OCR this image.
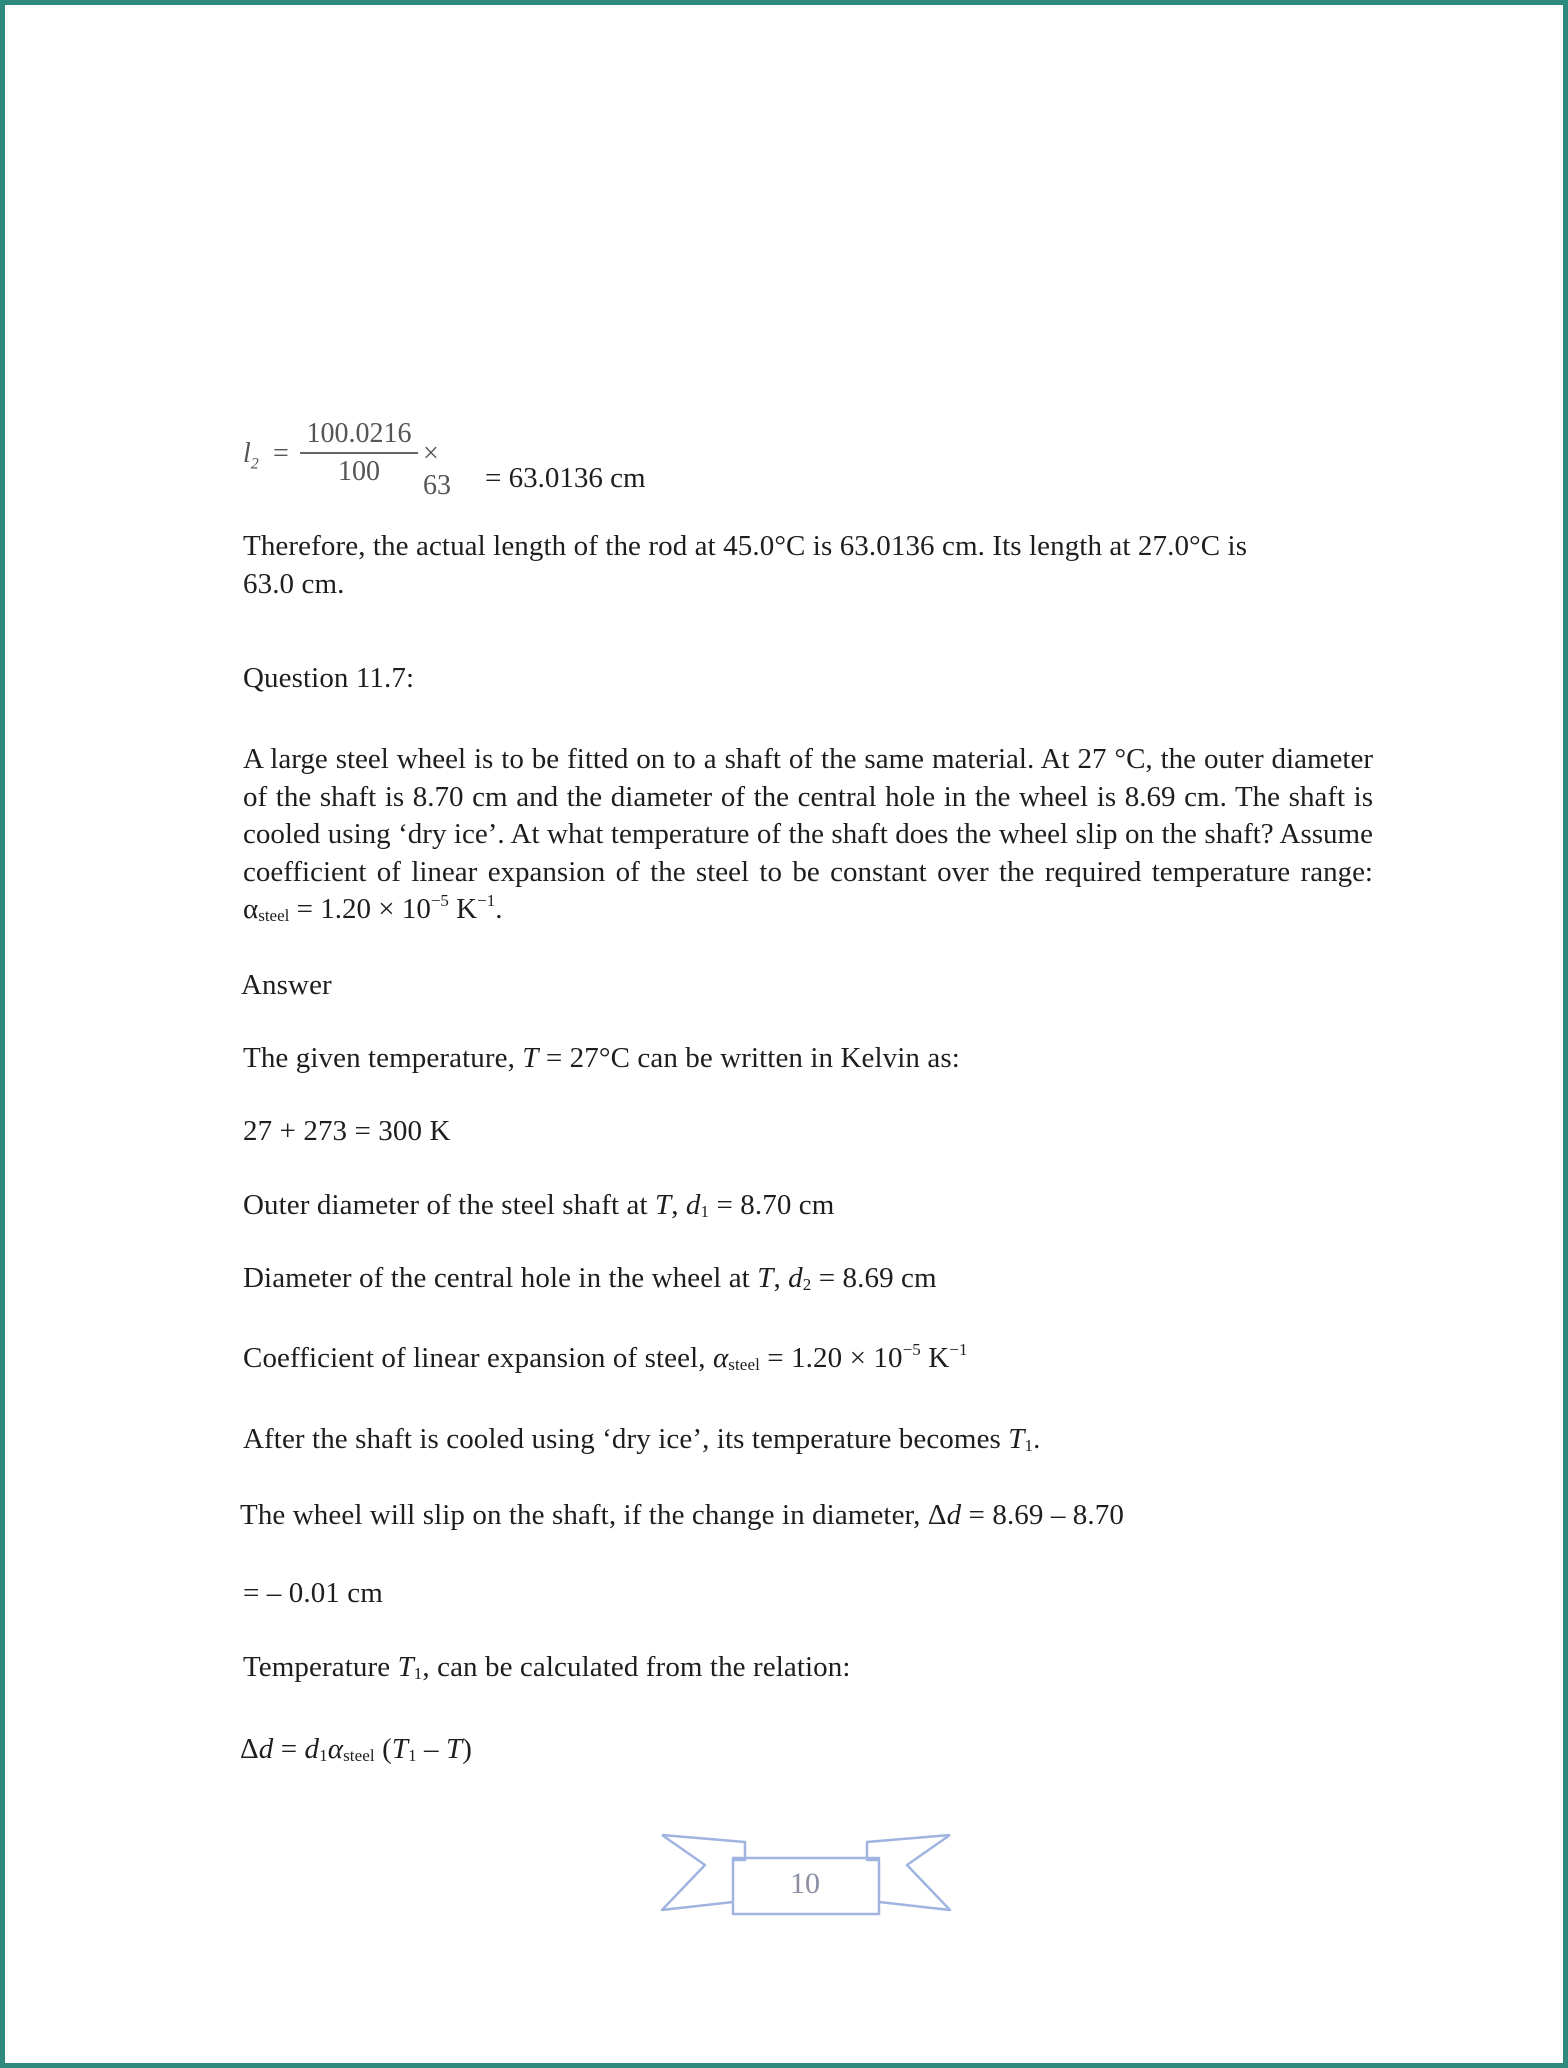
$l_2$ =
100.0216
100
× 63 = 63.0136 cm
Therefore, the actual length of the rod at 45.0°C is 63.0136 cm. Its length at 27.0°C is
63.0 cm.
Question 11.7:
A large steel wheel is to be fitted on to a shaft of the same material. At 27 °C, the outer diameter of the shaft is 8.70 cm and the diameter of the central hole in the wheel is 8.69 cm. The shaft is cooled using ‘dry ice’. At what temperature of the shaft does the wheel slip on the shaft? Assume coefficient of linear expansion of the steel to be constant over the required temperature range: $\alpha_{steel} = 1.20 \times 10^{-5}$ $K^{-1}$.
Answer
The given temperature, T = 27°C can be written in Kelvin as:
27 + 273 = 300 K
Outer diameter of the steel shaft at T, $d_1 = 8.70$ cm
Diameter of the central hole in the wheel at T, $d_2 = 8.69$ cm
Coefficient of linear expansion of steel, $\alpha_{steel} = 1.20 \times 10^{-5}$ $K^{-1}$
After the shaft is cooled using ‘dry ice’, its temperature becomes $T_1$.
The wheel will slip on the shaft, if the change in diameter, Δd = 8.69 – 8.70
= – 0.01 cm
Temperature $T_1$, can be calculated from the relation:
$\Delta d = d_1\alpha_{steel}$ $(T_1 - T)$
10
